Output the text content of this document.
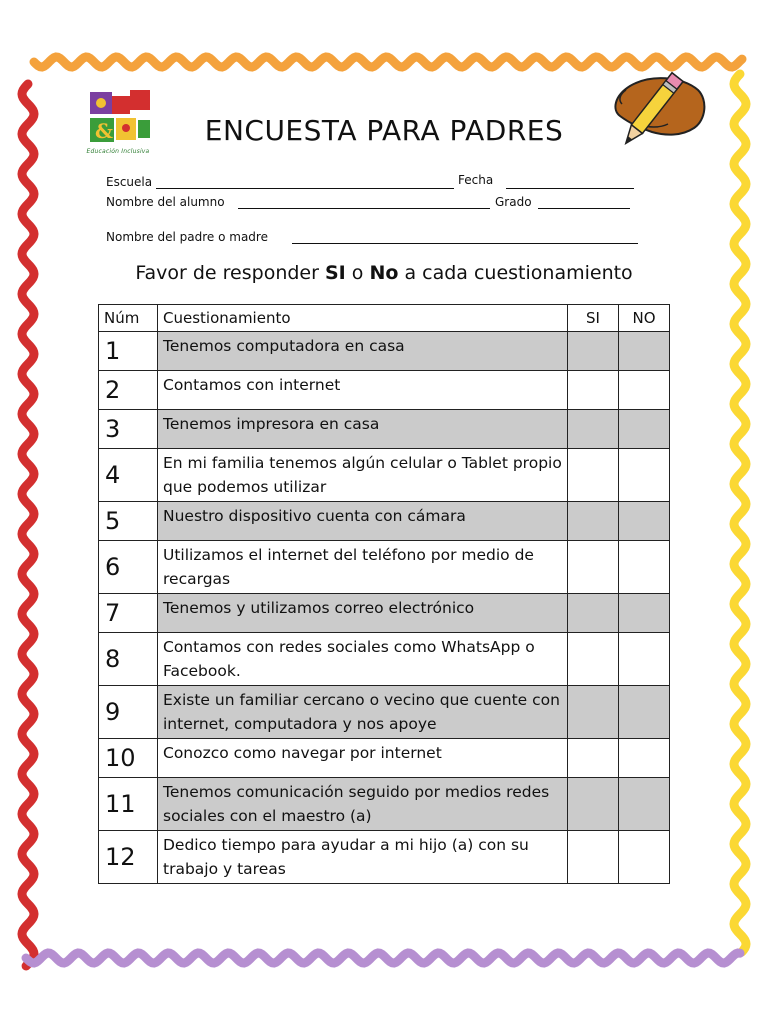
&
Educación Inclusiva
ENCUESTA PARA PADRES
Escuela	Fecha
Nombre del alumno	Grado
Nombre del padre o madre
Favor de responder SI o No a cada cuestionamiento
Núm	Cuestionamiento	SI	NO
1	Tenemos computadora en casa		
2	Contamos con internet		
3	Tenemos impresora en casa		
4	En mi familia tenemos algún celular o Tablet propio que podemos utilizar		
5	Nuestro dispositivo cuenta con cámara		
6	Utilizamos el internet del teléfono por medio de recargas		
7	Tenemos y utilizamos correo electrónico		
8	Contamos con redes sociales como WhatsApp o Facebook.		
9	Existe un familiar cercano o vecino que cuente con internet, computadora y nos apoye		
10	Conozco como navegar por internet		
11	Tenemos comunicación seguido por medios redes sociales con el maestro (a)		
12	Dedico tiempo para ayudar a mi hijo (a) con su trabajo y tareas		
